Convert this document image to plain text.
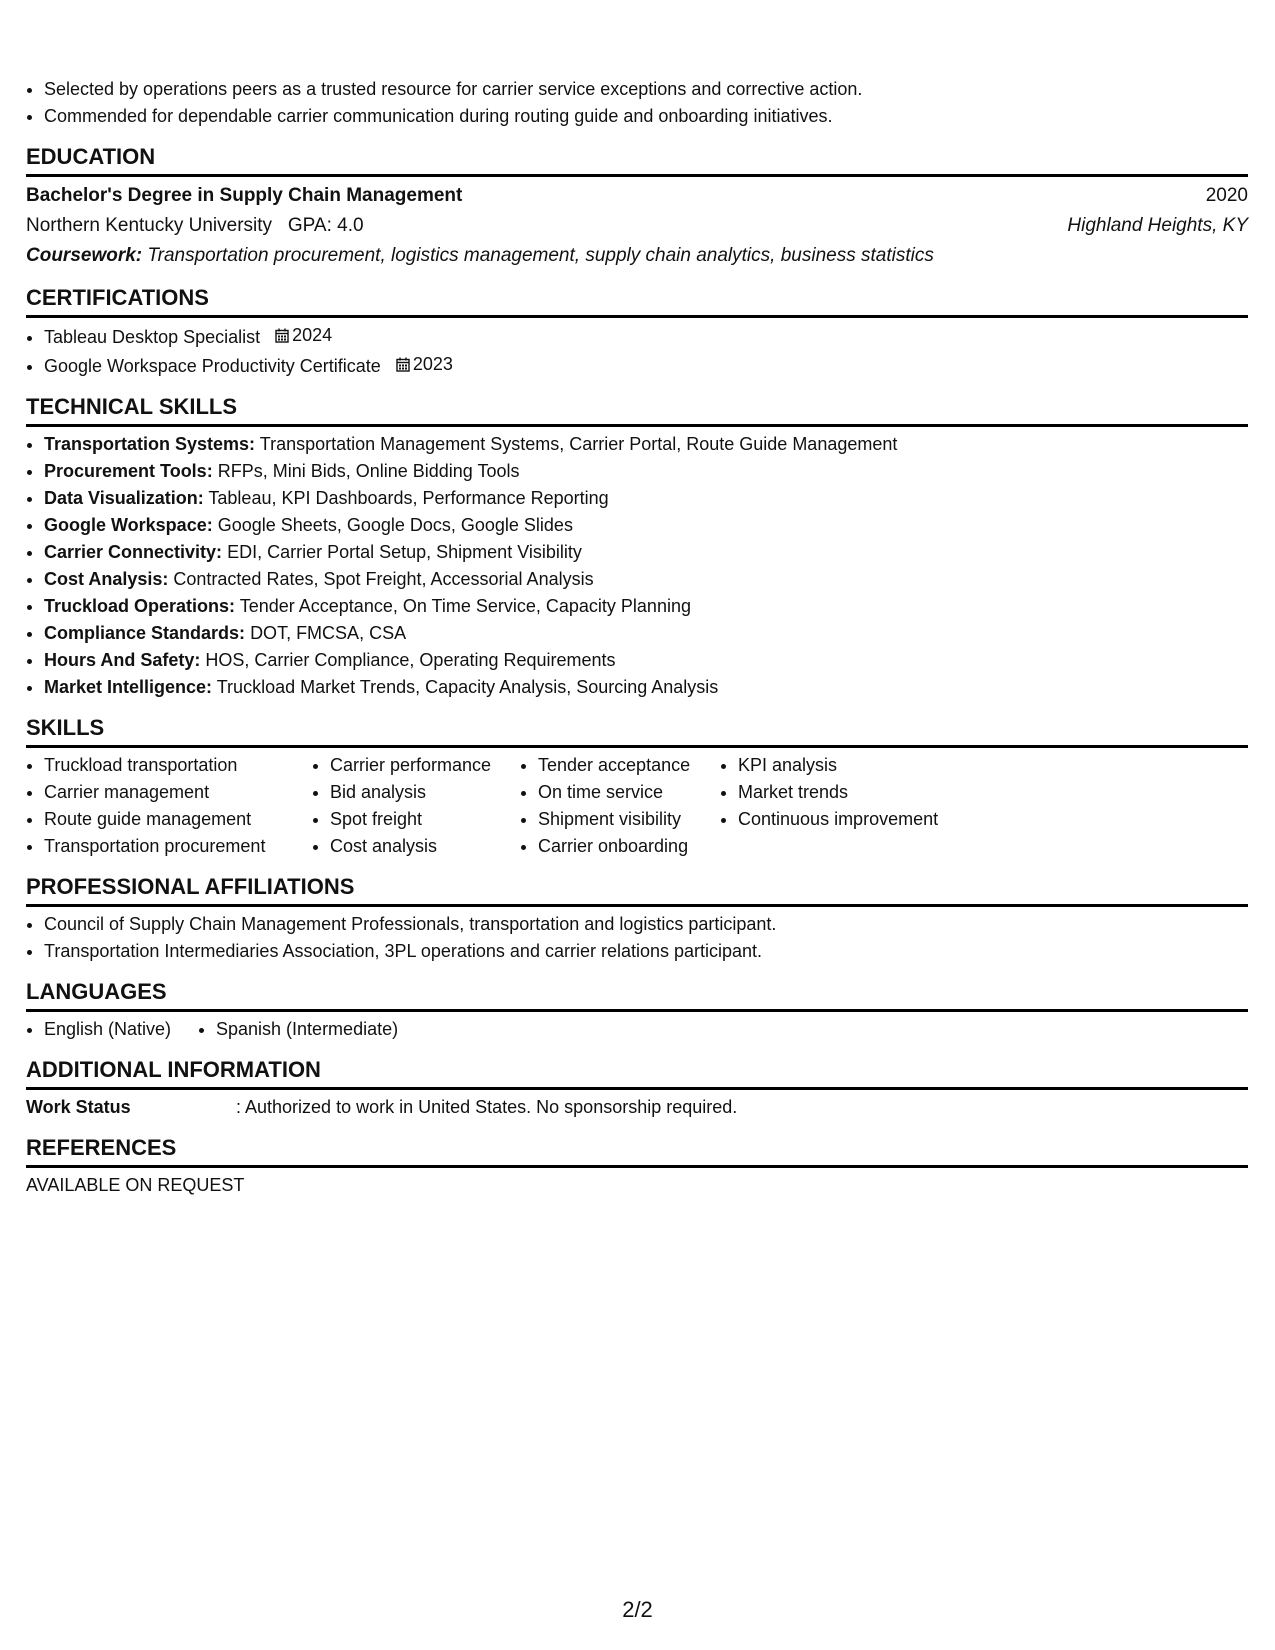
• Selected by operations peers as a trusted resource for carrier service exceptions and corrective action.
• Commended for dependable carrier communication during routing guide and onboarding initiatives.
EDUCATION
Bachelor's Degree in Supply Chain Management	2020
Northern Kentucky University GPA: 4.0	Highland Heights, KY
Coursework: Transportation procurement, logistics management, supply chain analytics, business statistics
CERTIFICATIONS
• Tableau Desktop Specialist 2024
• Google Workspace Productivity Certificate 2023
TECHNICAL SKILLS
• Transportation Systems: Transportation Management Systems, Carrier Portal, Route Guide Management
• Procurement Tools: RFPs, Mini Bids, Online Bidding Tools
• Data Visualization: Tableau, KPI Dashboards, Performance Reporting
• Google Workspace: Google Sheets, Google Docs, Google Slides
• Carrier Connectivity: EDI, Carrier Portal Setup, Shipment Visibility
• Cost Analysis: Contracted Rates, Spot Freight, Accessorial Analysis
• Truckload Operations: Tender Acceptance, On Time Service, Capacity Planning
• Compliance Standards: DOT, FMCSA, CSA
• Hours And Safety: HOS, Carrier Compliance, Operating Requirements
• Market Intelligence: Truckload Market Trends, Capacity Analysis, Sourcing Analysis
SKILLS
• Truckload transportation
• Carrier management
• Route guide management
• Transportation procurement
• Carrier performance
• Bid analysis
• Spot freight
• Cost analysis
• Tender acceptance
• On time service
• Shipment visibility
• Carrier onboarding
• KPI analysis
• Market trends
• Continuous improvement
PROFESSIONAL AFFILIATIONS
• Council of Supply Chain Management Professionals, transportation and logistics participant.
• Transportation Intermediaries Association, 3PL operations and carrier relations participant.
LANGUAGES
• English (Native)
•	Spanish (Intermediate)
ADDITIONAL INFORMATION
Work Status	: Authorized to work in United States. No sponsorship required.
REFERENCES
AVAILABLE ON REQUEST
2/2
